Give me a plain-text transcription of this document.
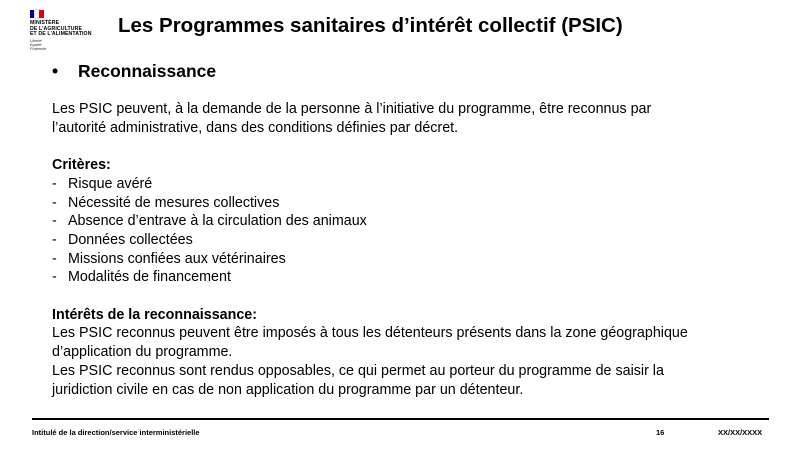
MINISTÈRE
DE L'AGRICULTURE
ET DE L'ALIMENTATION
Liberté
Égalité
Fraternité
Les Programmes sanitaires d’intérêt collectif (PSIC)
• Reconnaissance

Les PSIC peuvent, à la demande de la personne à l’initiative du programme, être reconnus par

l’autorité administrative, dans des conditions définies par décret.

Critères:

- Risque avéré
- Nécessité de mesures collectives
- Absence d’entrave à la circulation des animaux
- Données collectées
- Missions confiées aux vétérinaires
- Modalités de financement

Intérêts de la reconnaissance:

Les PSIC reconnus peuvent être imposés à tous les détenteurs présents dans la zone géographique

d’application du programme.

Les PSIC reconnus sont rendus opposables, ce qui permet au porteur du programme de saisir la

juridiction civile en cas de non application du programme par un détenteur.

Intitulé de la direction/service interministérielle	16	XX/XX/XXXX
